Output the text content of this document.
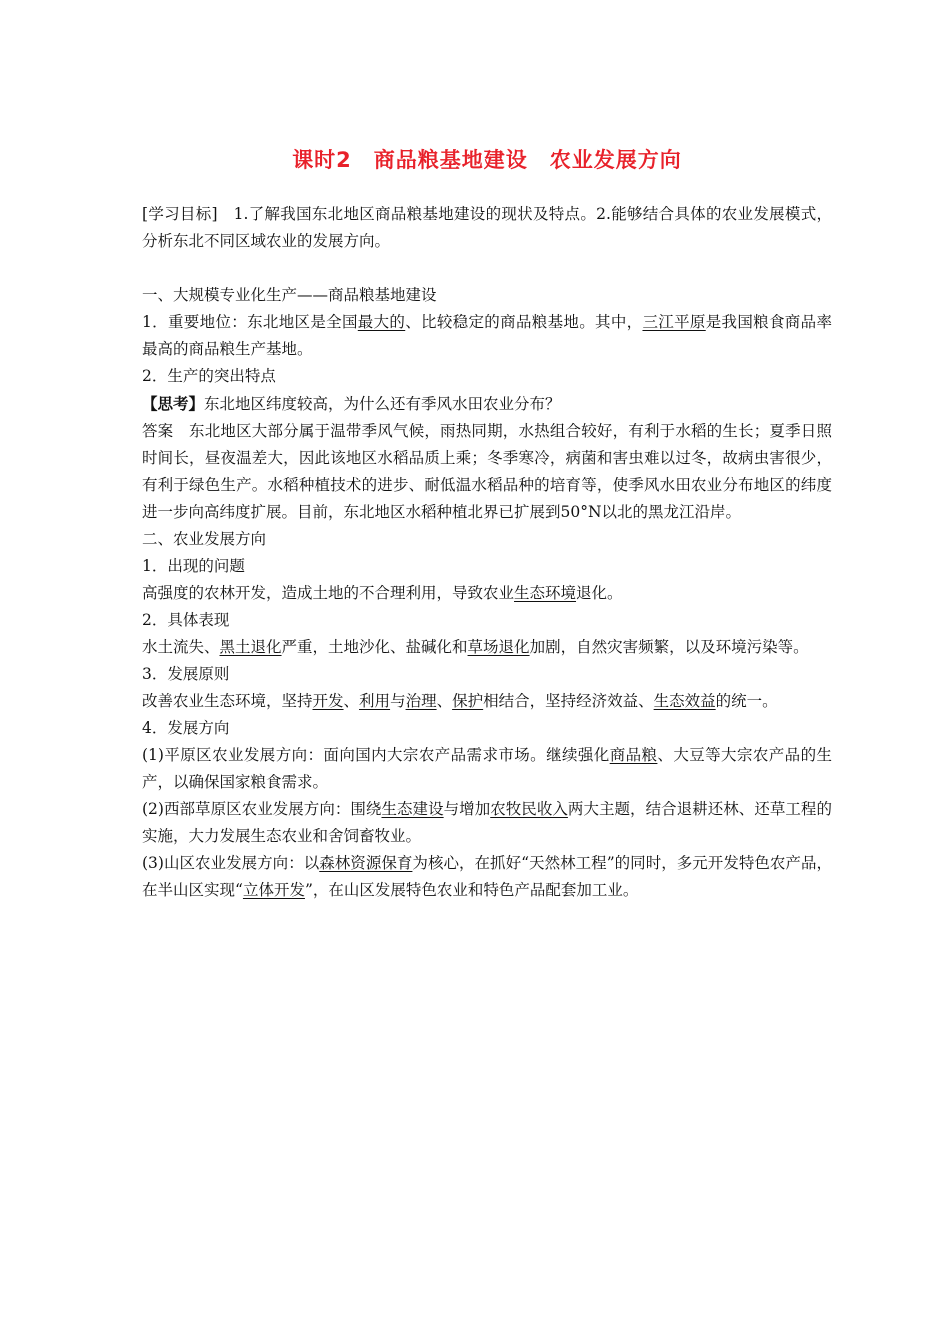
课时2　商品粮基地建设　农业发展方向

[学习目标]　1.了解我国东北地区商品粮基地建设的现状及特点。2.能够结合具体的农业发展模式，分析东北不同区域农业的发展方向。

一、大规模专业化生产——商品粮基地建设

1．重要地位：东北地区是全国最大的、比较稳定的商品粮基地。其中，三江平原是我国粮食商品率最高的商品粮生产基地。

2．生产的突出特点

【思考】东北地区纬度较高，为什么还有季风水田农业分布？

答案　东北地区大部分属于温带季风气候，雨热同期，水热组合较好，有利于水稻的生长；夏季日照时间长，昼夜温差大，因此该地区水稻品质上乘；冬季寒冷，病菌和害虫难以过冬，故病虫害很少，有利于绿色生产。水稻种植技术的进步、耐低温水稻品种的培育等，使季风水田农业分布地区的纬度进一步向高纬度扩展。目前，东北地区水稻种植北界已扩展到50°N以北的黑龙江沿岸。

二、农业发展方向

1．出现的问题

高强度的农林开发，造成土地的不合理利用，导致农业生态环境退化。

2．具体表现

水土流失、黑土退化严重，土地沙化、盐碱化和草场退化加剧，自然灾害频繁，以及环境污染等。

3．发展原则

改善农业生态环境，坚持开发、利用与治理、保护相结合，坚持经济效益、生态效益的统一。

4．发展方向

(1)平原区农业发展方向：面向国内大宗农产品需求市场。继续强化商品粮、大豆等大宗农产品的生产，以确保国家粮食需求。

(2)西部草原区农业发展方向：围绕生态建设与增加农牧民收入两大主题，结合退耕还林、还草工程的实施，大力发展生态农业和舍饲畜牧业。

(3)山区农业发展方向：以森林资源保育为核心，在抓好“天然林工程”的同时，多元开发特色农产品，在半山区实现“立体开发”，在山区发展特色农业和特色产品配套加工业。
